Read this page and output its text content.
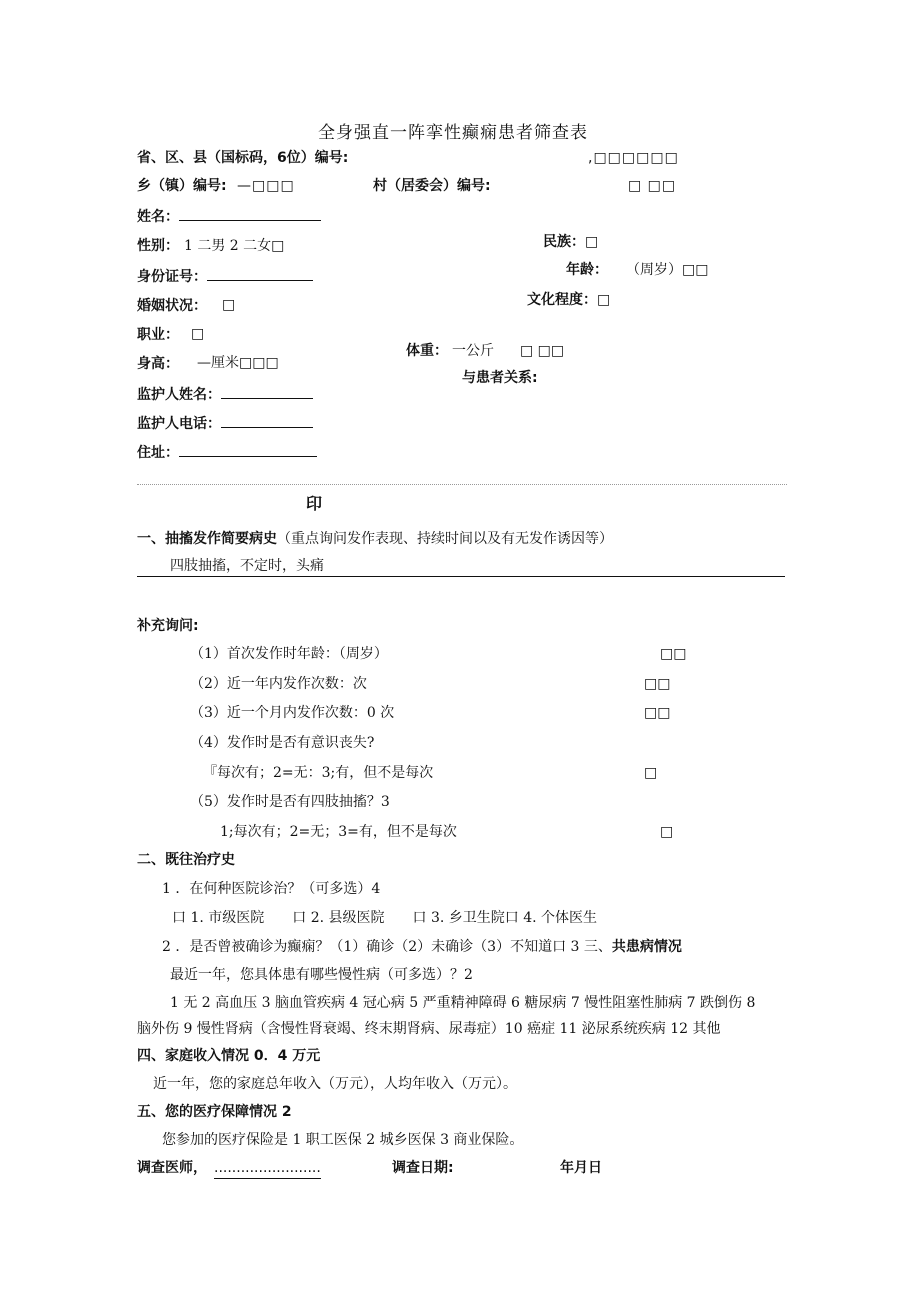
全身强直一阵挛性癫痫患者筛查表
省、区、县（国标码，6位）编号:	,□□□□□□
乡（镇）编号: —□□□	村（居委会）编号:	□ □□
姓名：
性别： 1 二男 2 二女□	民族：□
身份证号：	年龄： （周岁）□□
婚姻状况： □	文化程度：□
职业： □
身高： —厘米□□□
体重： 一公斤 □ □□
与患者关系:
监护人姓名：
监护人电话：
住址：
印
一、抽搐发作简要病史（重点询问发作表现、持续时间以及有无发作诱因等）
四肢抽搐，不定时，头痛
补充询问:
（1）首次发作时年龄：（周岁）	□□
（2）近一年内发作次数：次	□□
（3）近一个月内发作次数：0 次	□□
（4）发作时是否有意识丧失?
『每次有；2=无：3;有，但不是每次	□
（5）发作时是否有四肢抽搐？3
1;每次有；2=无；3=有，但不是每次	□
二、既往治疗史
1 ．在何种医院诊治？（可多选）4
口 1. 市级医院　　口 2. 县级医院　　口 3. 乡卫生院口 4. 个体医生
2 ．是否曾被确诊为癫痫？（1）确诊（2）未确诊（3）不知道口 3 三、共患病情况
最近一年，您具体患有哪些慢性病（可多选）？2
1 无 2 高血压 3 脑血管疾病 4 冠心病 5 严重精神障碍 6 糖尿病 7 慢性阻塞性肺病 7 跌倒伤 8
脑外伤 9 慢性肾病（含慢性肾衰竭、终末期肾病、尿毒症）10 癌症 11 泌尿系统疾病 12 其他
四、家庭收入情况 0．4 万元
近一年，您的家庭总年收入（万元），人均年收入（万元）。
五、您的医疗保障情况 2
您参加的医疗保险是 1 职工医保 2 城乡医保 3 商业保险。
调查医师， ........................	调查日期:	年月日
